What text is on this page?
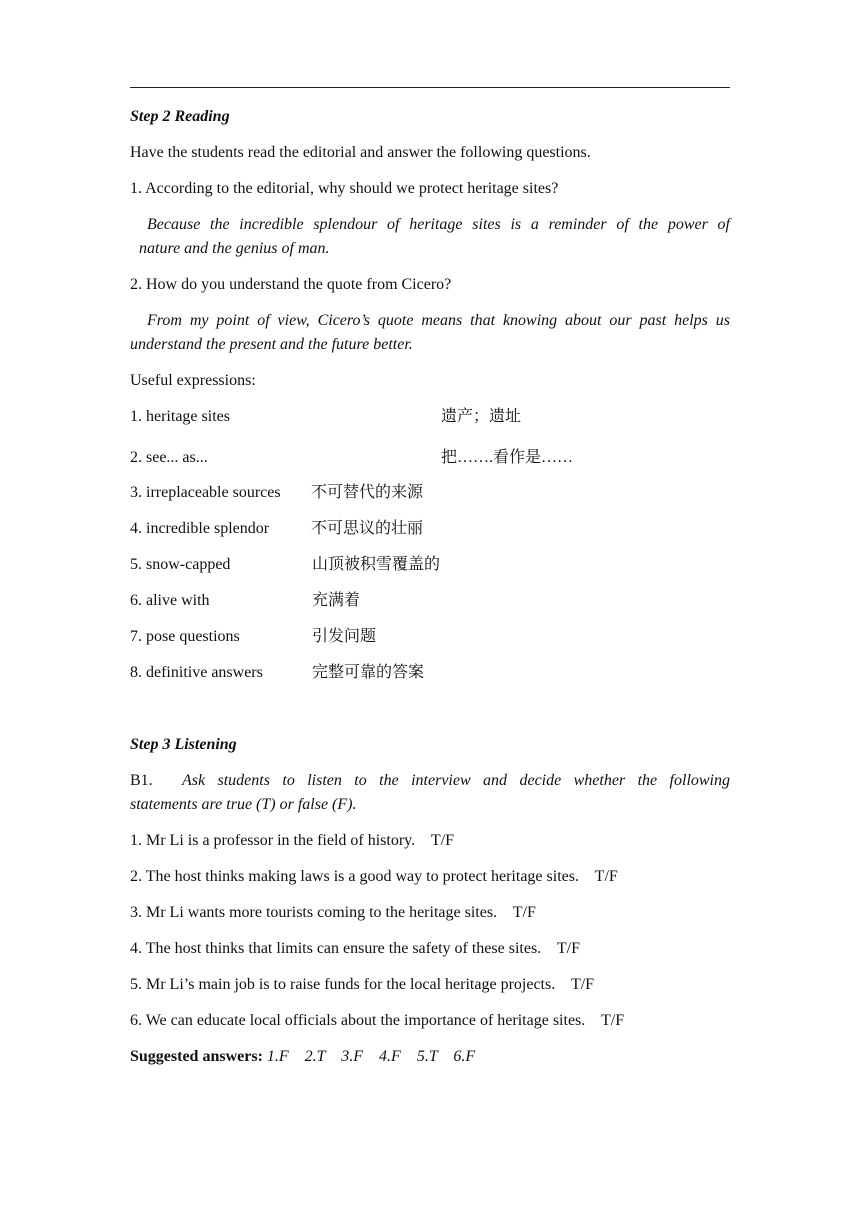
Step 2 Reading
Have the students read the editorial and answer the following questions.
1. According to the editorial, why should we protect heritage sites?
Because the incredible splendour of heritage sites is a reminder of the power of
nature and the genius of man.
2. How do you understand the quote from Cicero?
From my point of view, Cicero’s quote means that knowing about our past helps us
understand the present and the future better.
Useful expressions:
1. heritage sites	遗产；遗址
2. see... as...	把…….看作是……
3. irreplaceable sources 不可替代的来源
4. incredible splendor	不可思议的壮丽
5. snow-capped	山顶被积雪覆盖的
6. alive with	充满着
7. pose questions	引发问题
8. definitive answers	完整可靠的答案
Step 3 Listening
B1. Ask students to listen to the interview and decide whether the following
statements are true (T) or false (F).
1. Mr Li is a professor in the field of history.    T/F
2. The host thinks making laws is a good way to protect heritage sites.    T/F
3. Mr Li wants more tourists coming to the heritage sites.    T/F
4. The host thinks that limits can ensure the safety of these sites.    T/F
5. Mr Li’s main job is to raise funds for the local heritage projects.    T/F
6. We can educate local officials about the importance of heritage sites.    T/F
Suggested answers: 1.F    2.T    3.F    4.F    5.T    6.F
